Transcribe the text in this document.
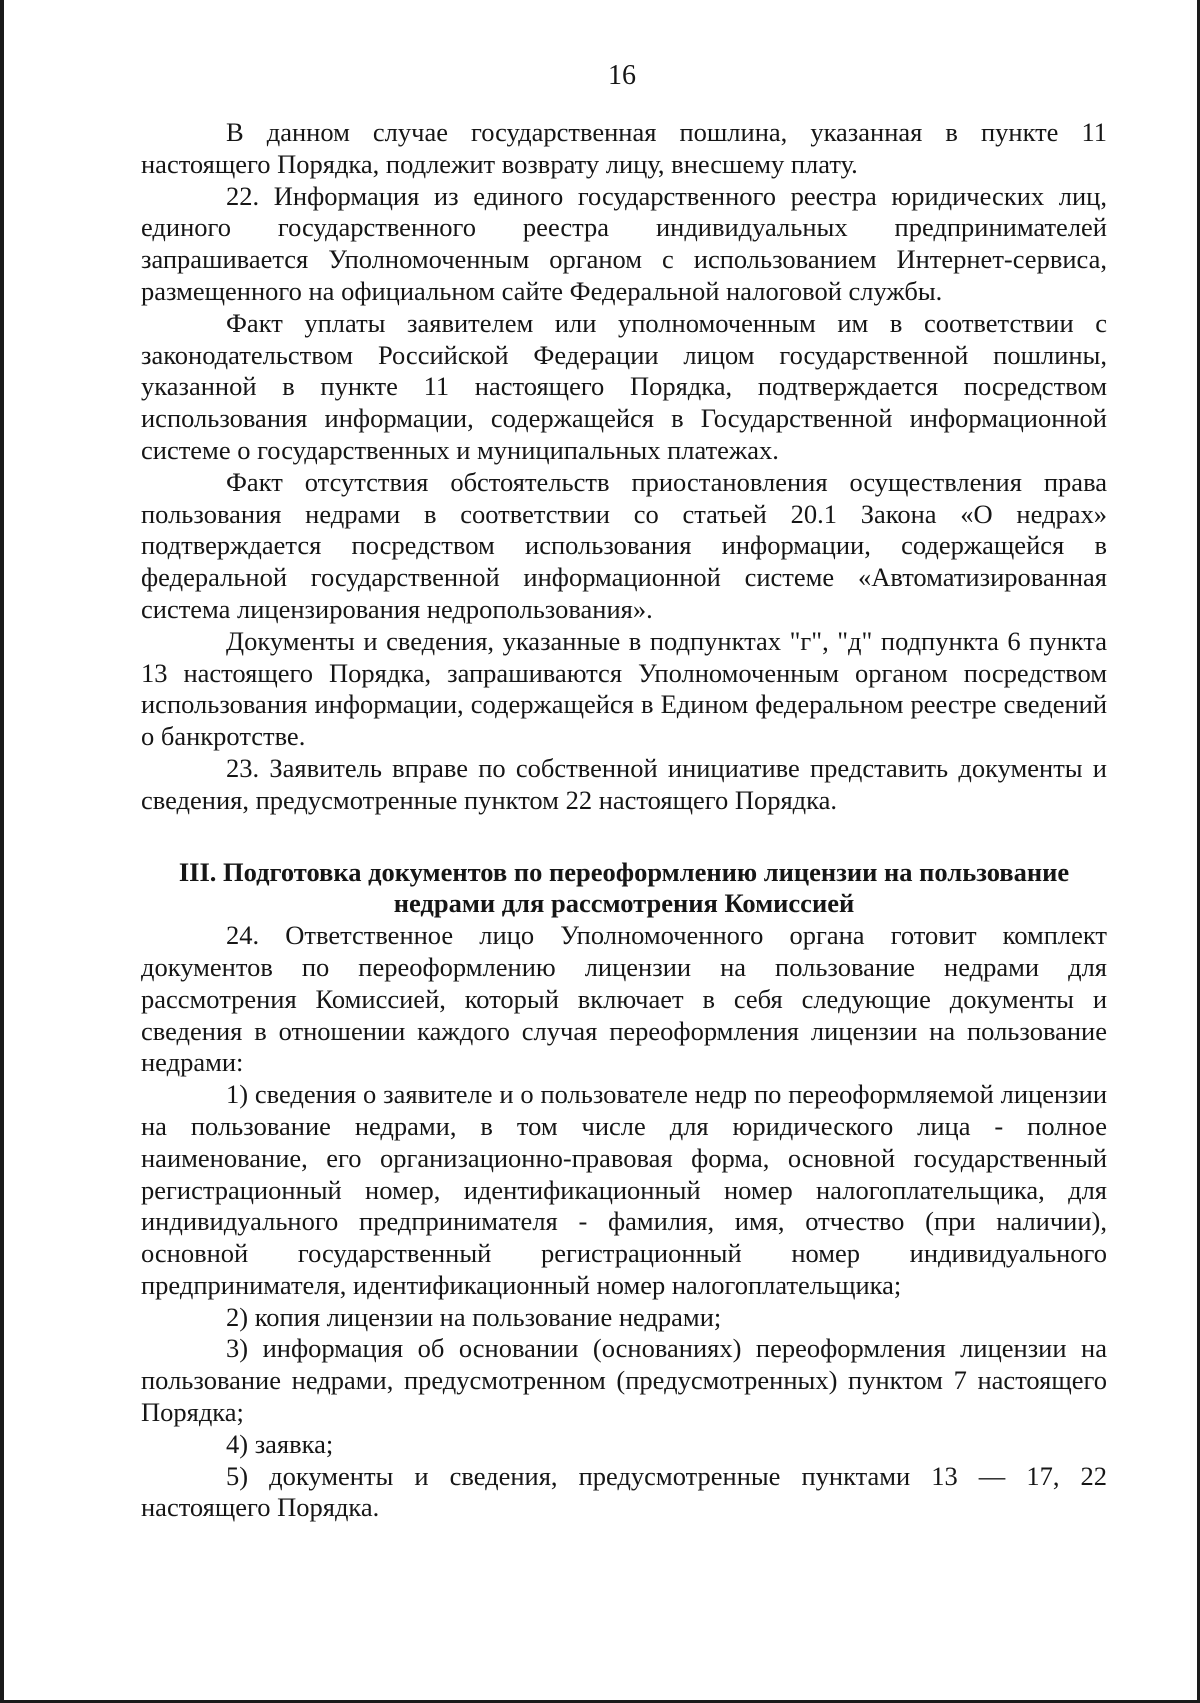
16

В данном случае государственная пошлина, указанная в пункте 11 настоящего Порядка, подлежит возврату лицу, внесшему плату.

22. Информация из единого государственного реестра юридических лиц, единого государственного реестра индивидуальных предпринимателей запрашивается Уполномоченным органом с использованием Интернет-сервиса, размещенного на официальном сайте Федеральной налоговой службы.

Факт уплаты заявителем или уполномоченным им в соответствии с законодательством Российской Федерации лицом государственной пошлины, указанной в пункте 11 настоящего Порядка, подтверждается посредством использования информации, содержащейся в Государственной информационной системе о государственных и муниципальных платежах.

Факт отсутствия обстоятельств приостановления осуществления права пользования недрами в соответствии со статьей 20.1 Закона «О недрах» подтверждается посредством использования информации, содержащейся в федеральной государственной информационной системе «Автоматизированная система лицензирования недропользования».

Документы и сведения, указанные в подпунктах "г", "д" подпункта 6 пункта 13 настоящего Порядка, запрашиваются Уполномоченным органом посредством использования информации, содержащейся в Едином федеральном реестре сведений о банкротстве.

23. Заявитель вправе по собственной инициативе представить документы и сведения, предусмотренные пунктом 22 настоящего Порядка.

III. Подготовка документов по переоформлению лицензии на пользование
недрами для рассмотрения Комиссией

24. Ответственное лицо Уполномоченного органа готовит комплект документов по переоформлению лицензии на пользование недрами для рассмотрения Комиссией, который включает в себя следующие документы и сведения в отношении каждого случая переоформления лицензии на пользование недрами:

1) сведения о заявителе и о пользователе недр по переоформляемой лицензии на пользование недрами, в том числе для юридического лица - полное наименование, его организационно-правовая форма, основной государственный регистрационный номер, идентификационный номер налогоплательщика, для индивидуального предпринимателя - фамилия, имя, отчество (при наличии), основной государственный регистрационный номер индивидуального предпринимателя, идентификационный номер налогоплательщика;

2) копия лицензии на пользование недрами;

3) информация об основании (основаниях) переоформления лицензии на пользование недрами, предусмотренном (предусмотренных) пунктом 7 настоящего Порядка;

4) заявка;

5) документы и сведения, предусмотренные пунктами 13 — 17, 22 настоящего Порядка.
